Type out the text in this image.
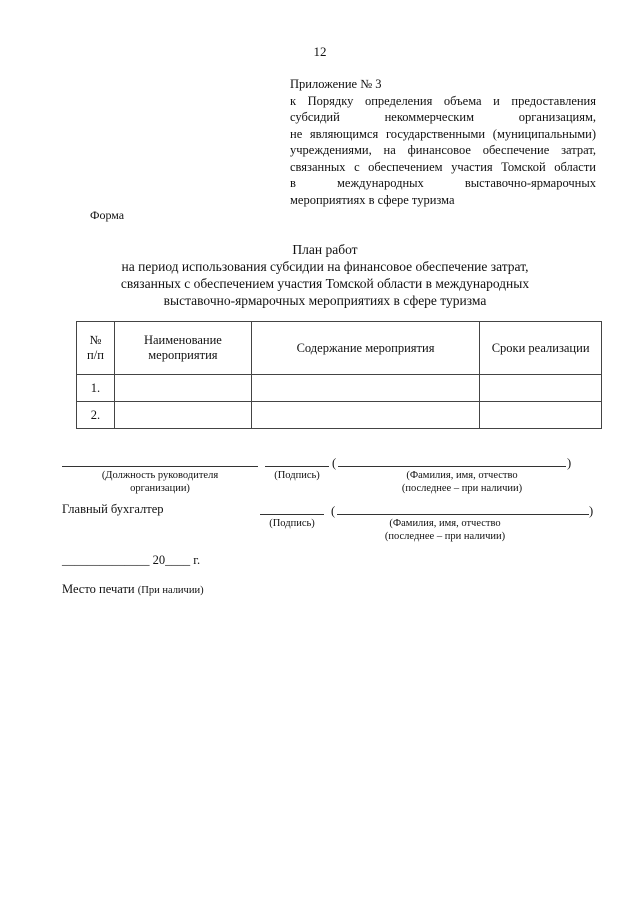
12
Приложение № 3
к Порядку определения объема и предоставления
субсидий некоммерческим организациям,
не являющимся государственными (муниципальными)
учреждениями, на финансовое обеспечение затрат,
связанных с обеспечением участия Томской области
в международных выставочно-ярмарочных
мероприятиях в сфере туризма
Форма
План работ
на период использования субсидии на финансовое обеспечение затрат,
связанных с обеспечением участия Томской области в международных
выставочно-ярмарочных мероприятиях в сфере туризма
№ п/п	Наименование мероприятия	Содержание мероприятия	Сроки реализации
1.			
2.			
(	)
(Должность руководителя
организации)
(Подпись)	(Фамилия, имя, отчество
(последнее – при наличии)
Главный бухгалтер	(	)
(Подпись)	(Фамилия, имя, отчество
(последнее – при наличии)
______________ 20____ г.
Место печати (При наличии)
